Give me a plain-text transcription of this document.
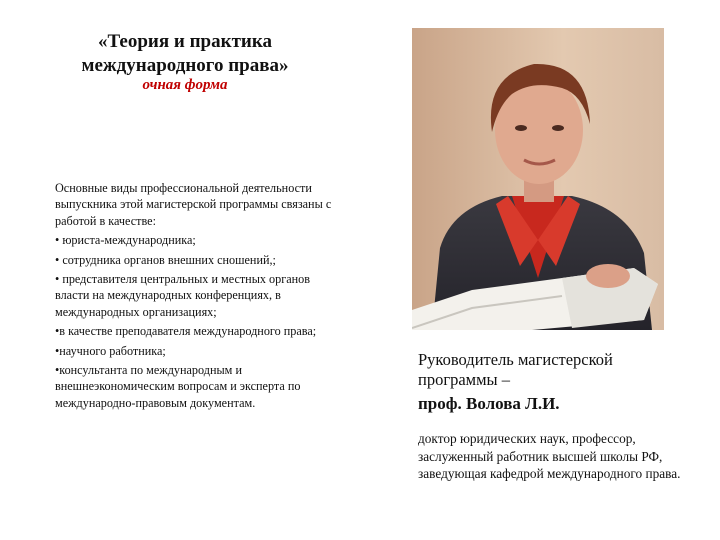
«Теория и практика
международного права»
очная форма

Основные виды профессиональной деятельности выпускника этой магистерской программы связаны с работой в качестве:

• юриста-международника;

• сотрудника органов внешних сношений,;

• представителя центральных и местных органов власти на международных конференциях, в международных организациях;

•в качестве преподавателя международного права;

•научного работника;

•консультанта по международным и внешнеэкономическим вопросам и эксперта по международно-правовым документам.

Руководитель магистерской программы –
проф. Волова Л.И.
доктор юридических наук, профессор, заслуженный работник высшей школы РФ, заведующая кафедрой международного права.
